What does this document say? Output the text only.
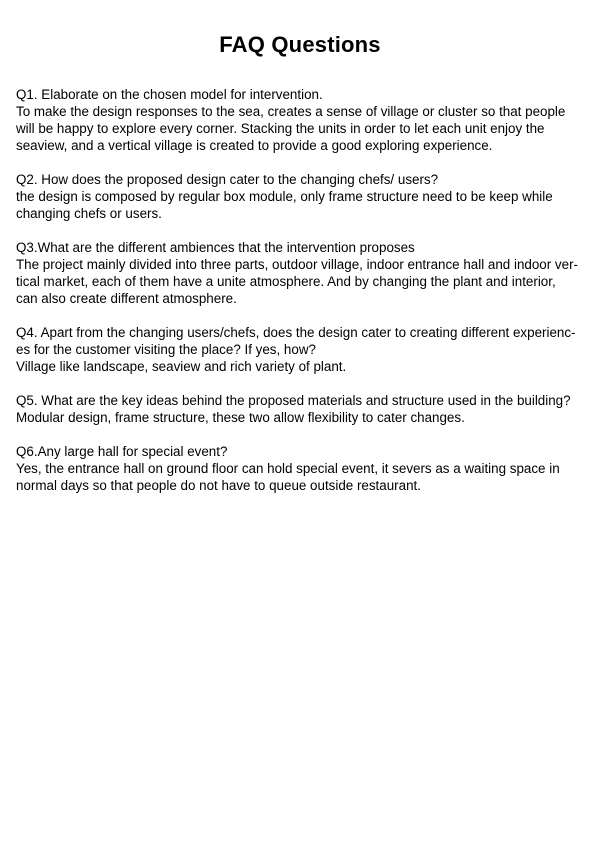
FAQ Questions
Q1. Elaborate on the chosen model for intervention.
To make the design responses to the sea, creates a sense of village or cluster so that people
will be happy to explore every corner. Stacking the units in order to let each unit enjoy the
seaview, and a vertical village is created to provide a good exploring experience.
Q2. How does the proposed design cater to the changing chefs/ users?
the design is composed by regular box module, only frame structure need to be keep while
changing chefs or users.
Q3.What are the different ambiences that the intervention proposes
The project mainly divided into three parts, outdoor village, indoor entrance hall and indoor ver-
tical market, each of them have a unite atmosphere. And by changing the plant and interior,
can also create different atmosphere.
Q4. Apart from the changing users/chefs, does the design cater to creating different experienc-
es for the customer visiting the place? If yes, how?
Village like landscape, seaview and rich variety of plant.
Q5. What are the key ideas behind the proposed materials and structure used in the building?
Modular design, frame structure, these two allow flexibility to cater changes.
Q6.Any large hall for special event?
Yes, the entrance hall on ground floor can hold special event, it severs as a waiting space in
normal days so that people do not have to queue outside restaurant.
